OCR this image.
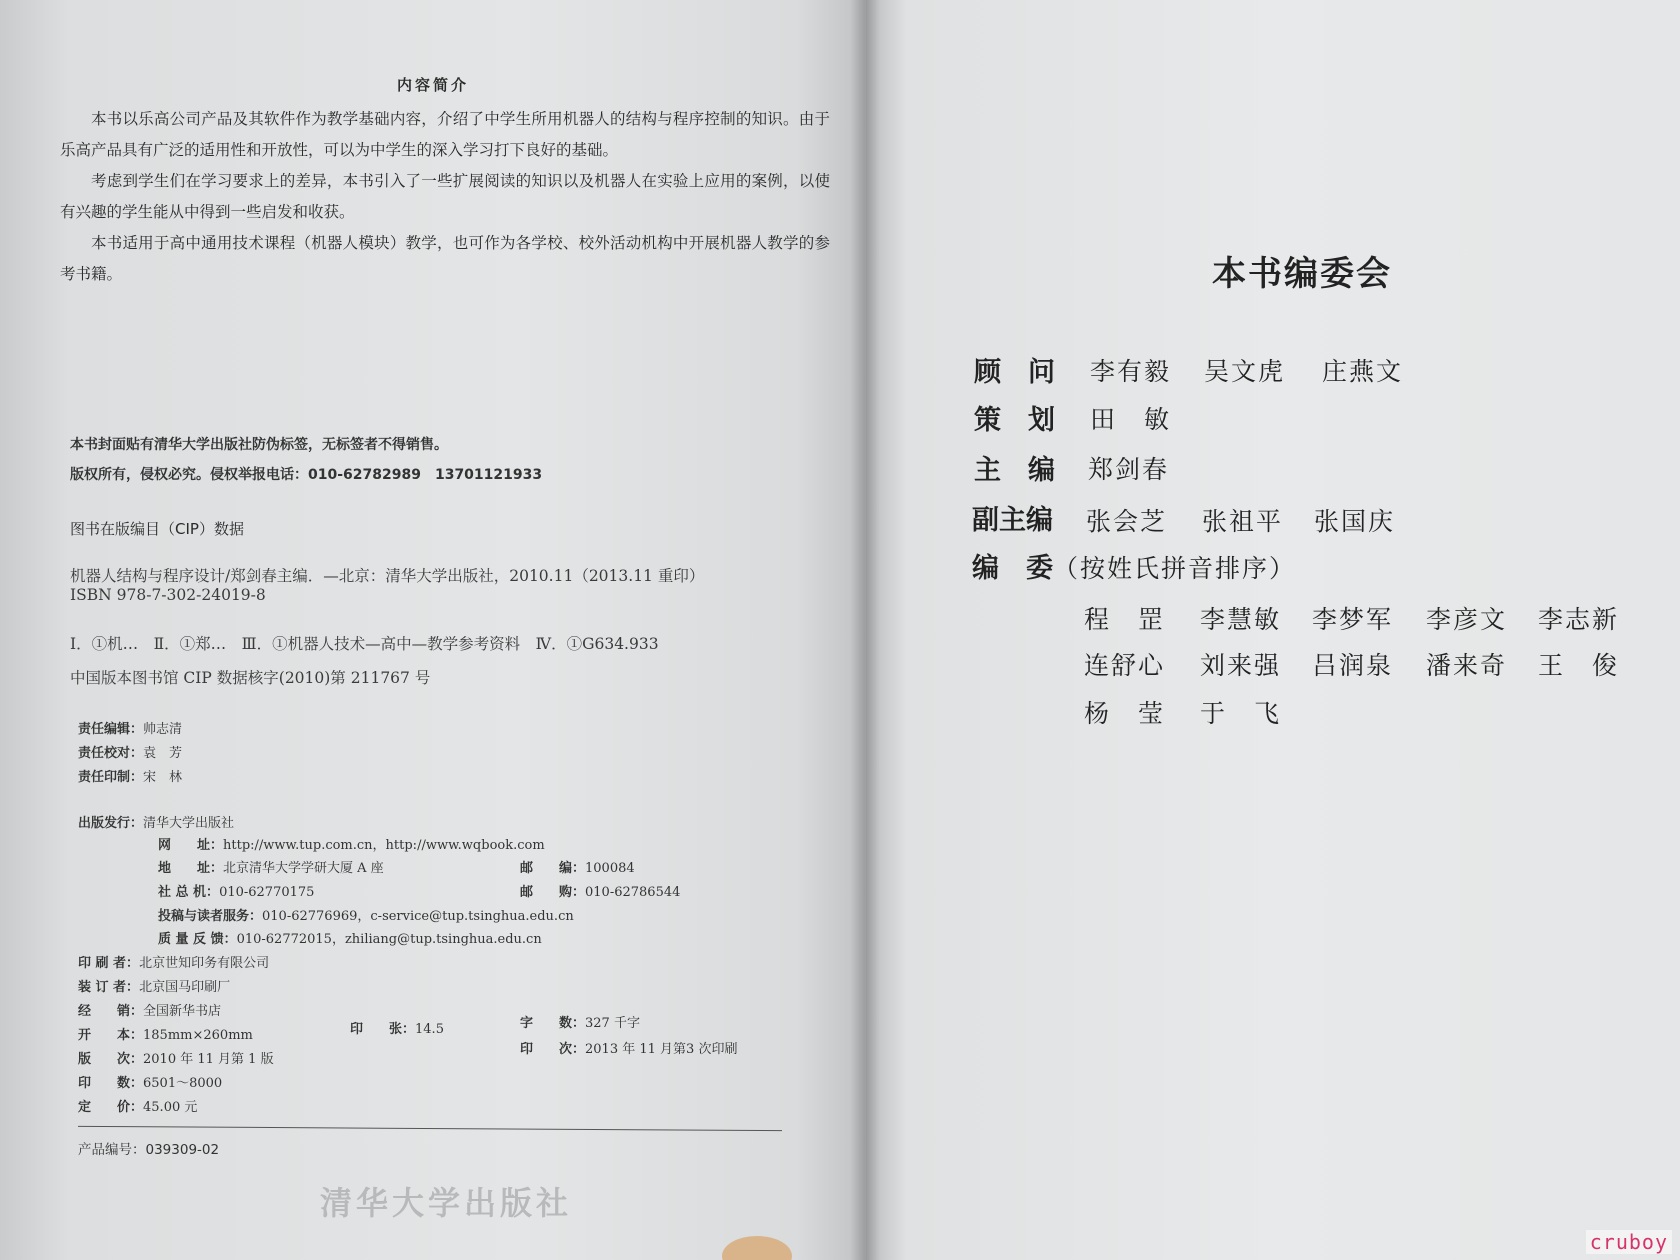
内容简介
本书以乐高公司产品及其软件作为教学基础内容，介绍了中学生所用机器人的结构与程序控制的知识。由于乐高产品具有广泛的适用性和开放性，可以为中学生的深入学习打下良好的基础。
考虑到学生们在学习要求上的差异，本书引入了一些扩展阅读的知识以及机器人在实验上应用的案例，以使有兴趣的学生能从中得到一些启发和收获。
本书适用于高中通用技术课程（机器人模块）教学，也可作为各学校、校外活动机构中开展机器人教学的参考书籍。
本书封面贴有清华大学出版社防伪标签，无标签者不得销售。
版权所有，侵权必究。侵权举报电话：010-62782989　13701121933
图书在版编目（CIP）数据
机器人结构与程序设计/郑剑春主编．—北京：清华大学出版社，2010.11（2013.11 重印）
ISBN 978-7-302-24019-8
Ⅰ．①机…　Ⅱ．①郑…　Ⅲ．①机器人技术—高中—教学参考资料　Ⅳ．①G634.933
中国版本图书馆 CIP 数据核字(2010)第 211767 号
责任编辑：帅志清
责任校对：袁　芳
责任印制：宋　林
出版发行：清华大学出版社
网　　址：http://www.tup.com.cn，http://www.wqbook.com
地　　址：北京清华大学学研大厦 A 座	邮　　编：100084
社 总 机：010-62770175	邮　　购：010-62786544
投稿与读者服务：010-62776969，c-service@tup.tsinghua.edu.cn
质 量 反 馈：010-62772015，zhiliang@tup.tsinghua.edu.cn
印 刷 者：北京世知印务有限公司
装 订 者：北京国马印刷厂
经　　销：全国新华书店
开　　本：185mm×260mm	印　　张：14.5	字　　数：327 千字
版　　次：2010 年 11 月第 1 版
印　　次：2013 年 11 月第3 次印刷
印　　数：6501～8000
定　　价：45.00 元
产品编号：039309-02
清华大学出版社
本书编委会
顾　问 李有毅 吴文虎 庄燕文
策　划 田　敏
主　编 郑剑春
副主编 张会芝 张祖平 张国庆
编　委（按姓氏拼音排序）
程　罡 李慧敏 李梦军 李彦文 李志新
连舒心 刘来强 吕润泉 潘来奇 王　俊
杨　莹 于　飞
cruboy
